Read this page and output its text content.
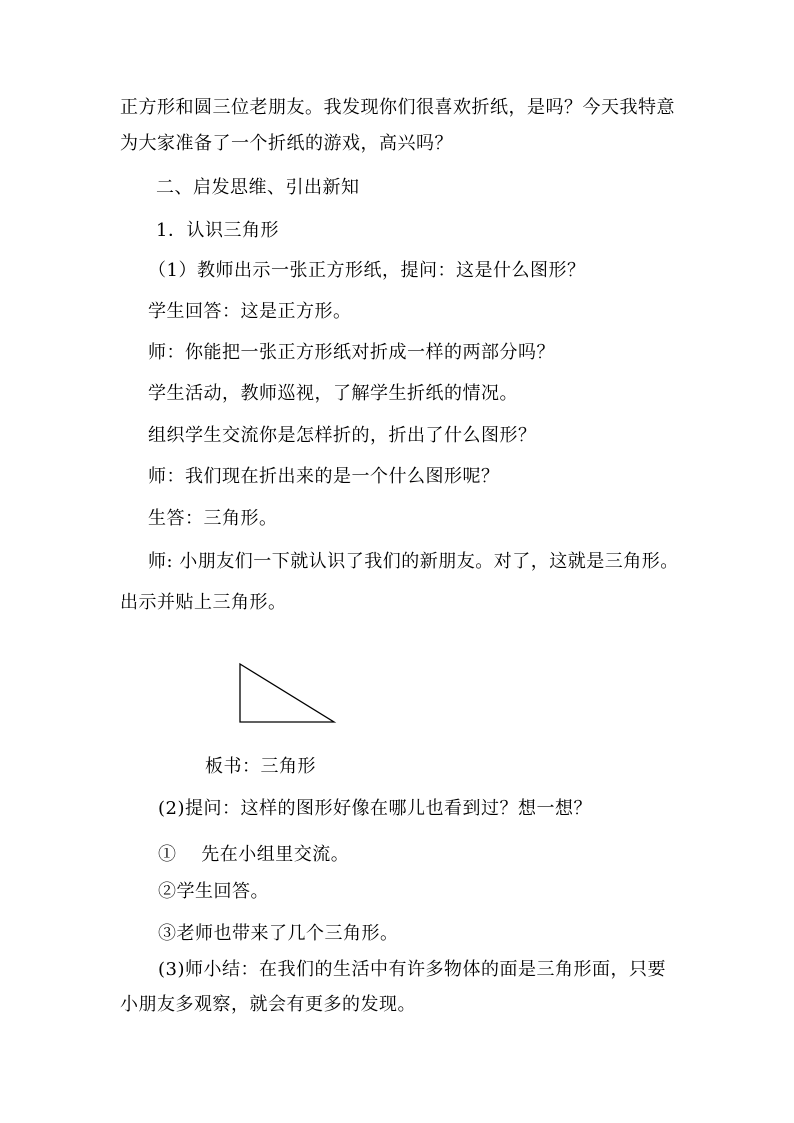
正方形和圆三位老朋友。我发现你们很喜欢折纸，是吗？今天我特意
为大家准备了一个折纸的游戏，高兴吗？
二、启发思维、引出新知
1．认识三角形
（1）教师出示一张正方形纸，提问：这是什么图形？
学生回答：这是正方形。
师：你能把一张正方形纸对折成一样的两部分吗？
学生活动，教师巡视，了解学生折纸的情况。
组织学生交流你是怎样折的，折出了什么图形？
师：我们现在折出来的是一个什么图形呢？
生答：三角形。
师: 小朋友们一下就认识了我们的新朋友。对了，这就是三角形。
出示并贴上三角形。
板书：三角形
(2)提问：这样的图形好像在哪儿也看到过？想一想？
①　 先在小组里交流。
②学生回答。
③老师也带来了几个三角形。
(3)师小结：在我们的生活中有许多物体的面是三角形面，只要
小朋友多观察，就会有更多的发现。
